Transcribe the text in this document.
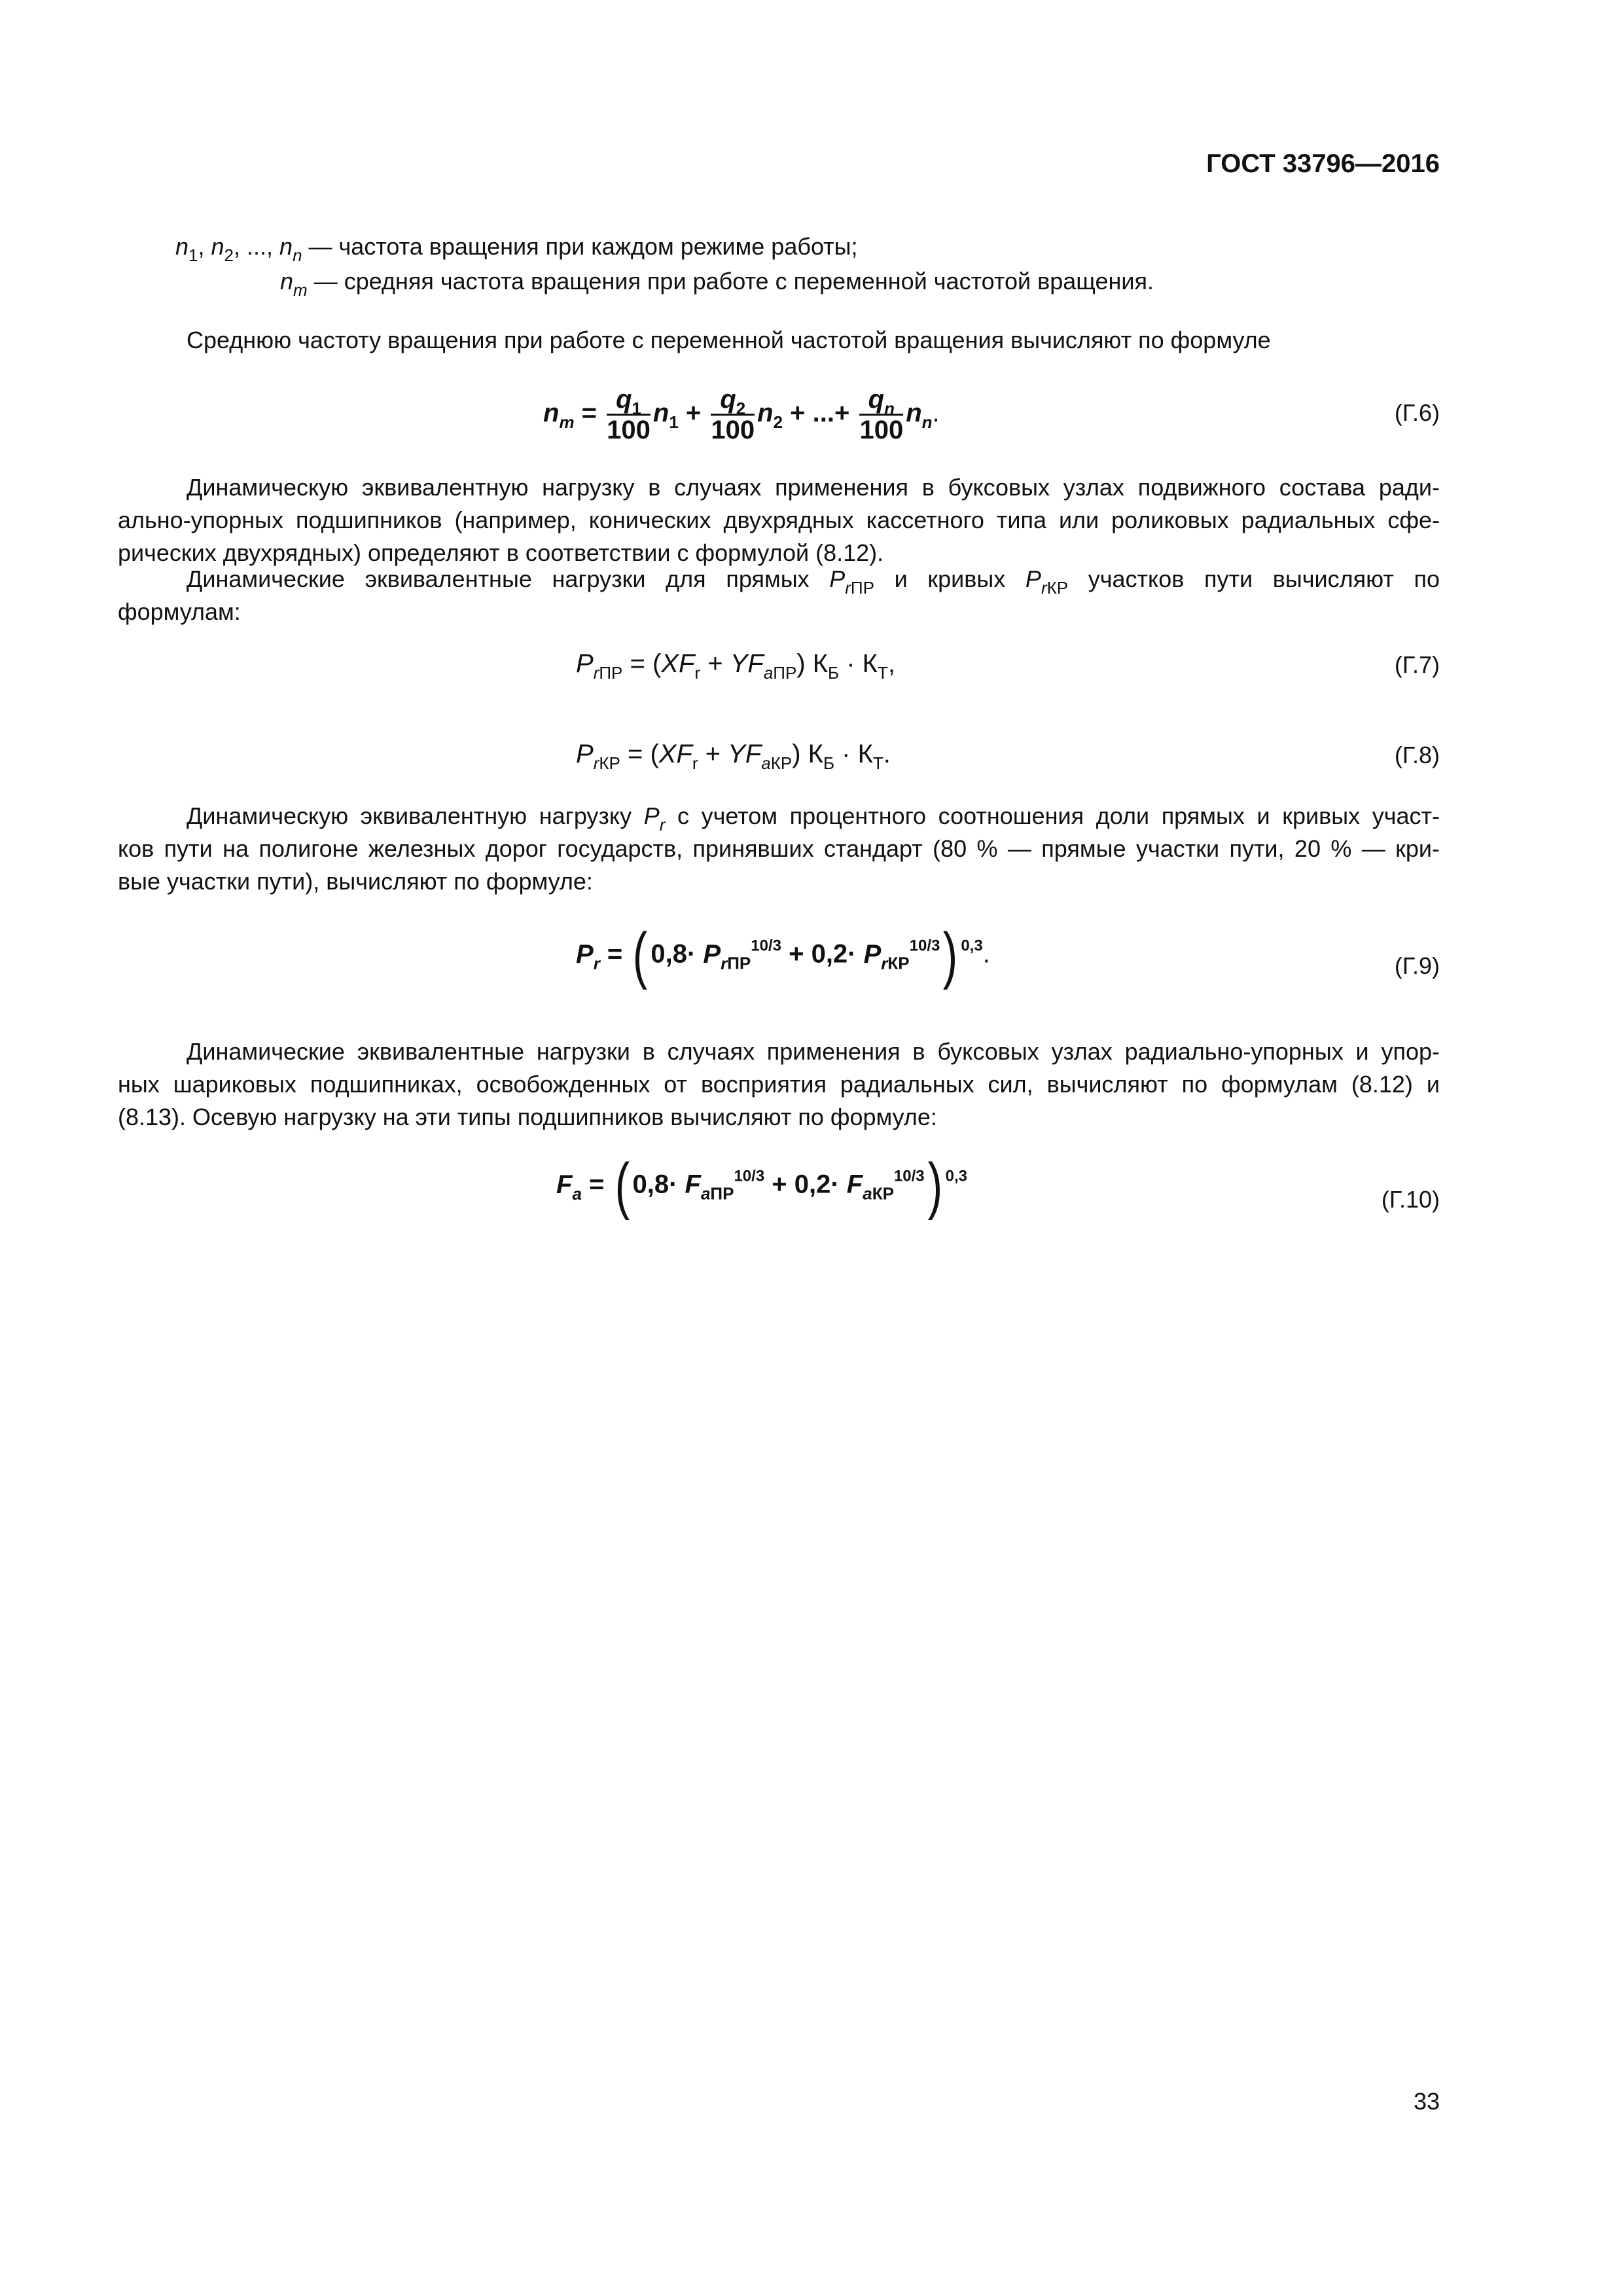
ГОСТ 33796—2016
$n_1$, $n_2$, ..., $n_n$ — частота вращения при каждом режиме работы;
$n_m$ — средняя частота вращения при работе с переменной частотой вращения.
Среднюю частоту вращения при работе с переменной частотой вращения вычисляют по формуле
$n_m = \frac{q_1}{100} n_1 + \frac{q_2}{100} n_2$ + ...+ $\frac{q_n}{100} n_n$.	(Г.6)
Динамическую эквивалентную нагрузку в случаях применения в буксовых узлах подвижного состава ради-
ально-упорных подшипников (например, конических двухрядных кассетного типа или роликовых радиальных сфе-
рических двухрядных) определяют в соответствии с формулой (8.12).
Динамические эквивалентные нагрузки для прямых $P_{rПР}$ и кривых $P_{rКР}$ участков пути вычисляют по
формулам:
$P_{rПР} = (XF_r + YF_{aПР}) К_Б \cdot К_Т$,	(Г.7)
$P_{rКР} = (XF_r + YF_{aКР}) К_Б \cdot К_Т$.	(Г.8)
Динамическую эквивалентную нагрузку $P_r$ с учетом процентного соотношения доли прямых и кривых участ-
ков пути на полигоне железных дорог государств, принявших стандарт (80 % — прямые участки пути, 20 % — кри-
вые участки пути), вычисляют по формуле:
$P_r$ = ( $0,8\cdot P_{rПР}^{10/3} + 0,2\cdot P_{rКР}^{10/3}$) $^{0,3}$.	(Г.9)
Динамические эквивалентные нагрузки в случаях применения в буксовых узлах радиально-упорных и упор-
ных шариковых подшипниках, освобожденных от восприятия радиальных сил, вычисляют по формулам (8.12) и
(8.13). Осевую нагрузку на эти типы подшипников вычисляют по формуле:
$F_a$ = ( $0,8\cdot F_{aПР}^{10/3} + 0,2\cdot F_{aКР}^{10/3}$) $^{0,3}$
(Г.10)
33
